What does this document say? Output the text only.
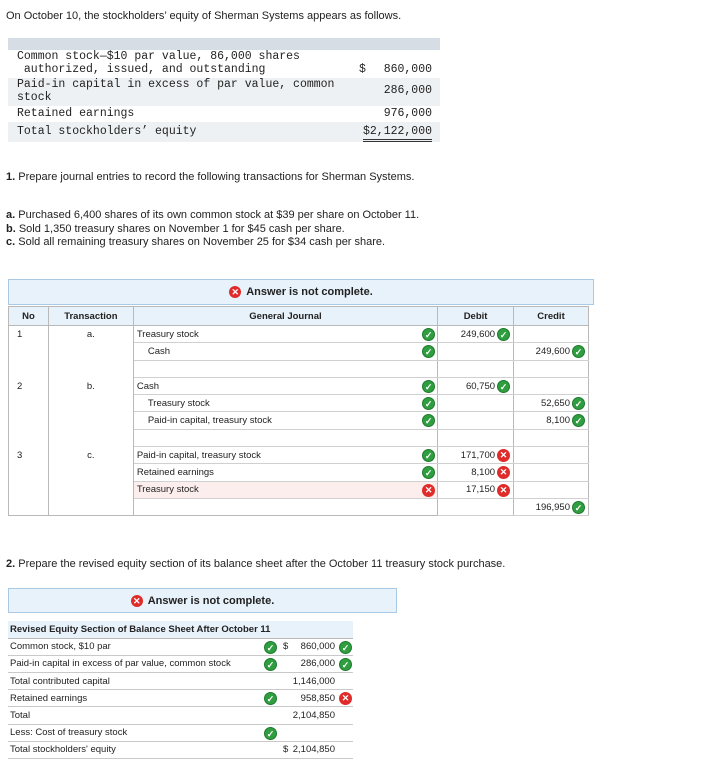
On October 10, the stockholders’ equity of Sherman Systems appears as follows.
Common stock—$10 par value, 86,000 shares
authorized, issued, and outstanding	$ 860,000
Paid-in capital in excess of par value, common
stock
286,000
Retained earnings	976,000
Total stockholders’ equity	$2,122,000
1. Prepare journal entries to record the following transactions for Sherman Systems.
a. Purchased 6,400 shares of its own common stock at $39 per share on October 11.
b. Sold 1,350 treasury shares on November 1 for $45 cash per share.
c. Sold all remaining treasury shares on November 25 for $34 cash per share.
✕ Answer is not complete.
No	Transaction	General Journal	Debit	Credit
1	a.	Treasury stock ✓	249,600 ✓	

		Cash ✓		249,600 ✓

2	b.	Cash ✓	60,750 ✓	

		Treasury stock ✓		52,650 ✓

		Paid-in capital, treasury stock ✓		8,100 ✓

3	c.	Paid-in capital, treasury stock ✓	171,700 ✕	

		Retained earnings ✓	8,100 ✕	

		Treasury stock ✕	17,150 ✕	

				196,950 ✓
2. Prepare the revised equity section of its balance sheet after the October 11 treasury stock purchase.
✕ Answer is not complete.
Revised Equity Section of Balance Sheet After October 11	
Common stock, $10 par ✓	$ 860,000 ✓

Paid-in capital in excess of par value, common stock ✓	286,000 ✓

Total contributed capital	1,146,000
Retained earnings ✓	958,850 ✕

Total	2,104,850
Less: Cost of treasury stock ✓	

Total stockholders' equity	$ 2,104,850
